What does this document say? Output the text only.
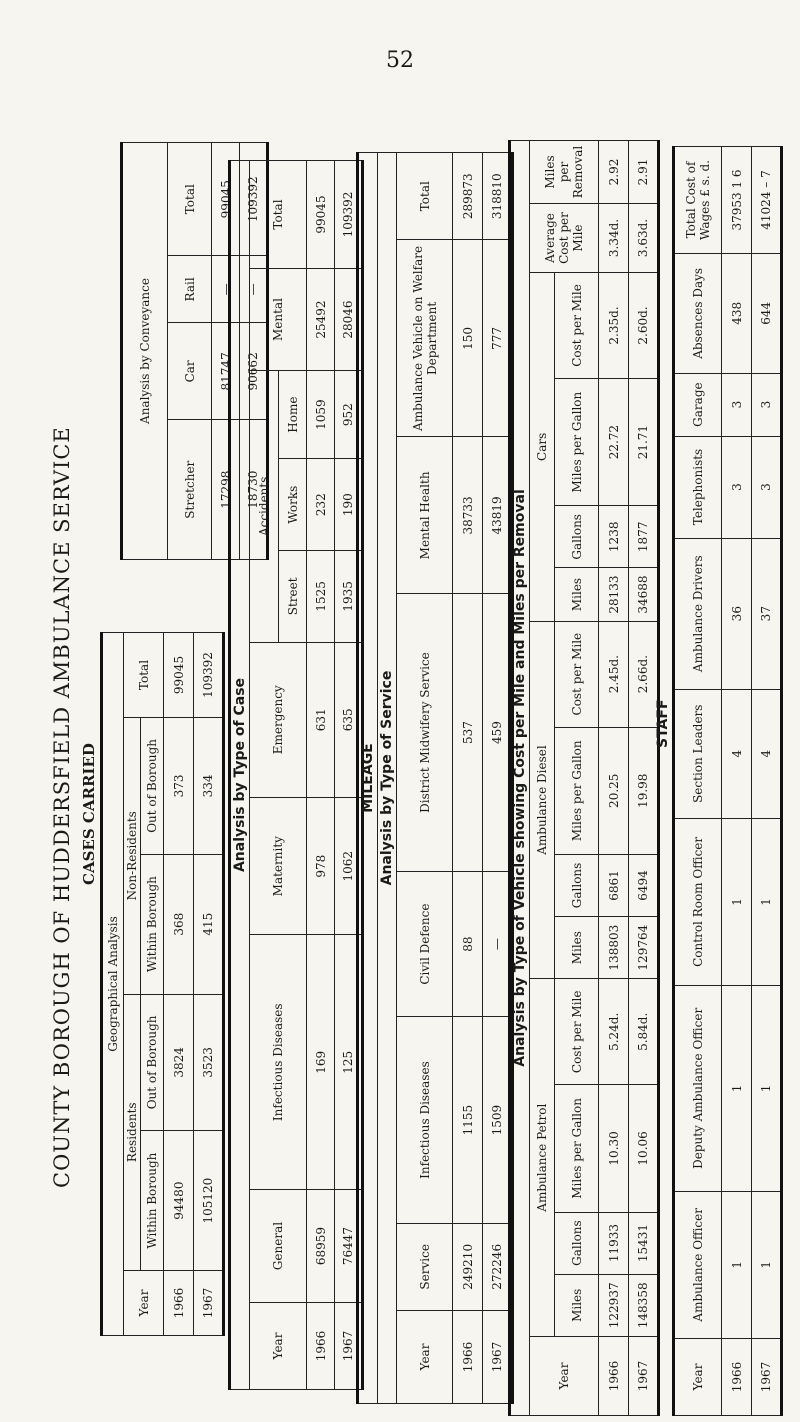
52
COUNTY BOROUGH OF HUDDERSFIELD AMBULANCE SERVICE CASES CARRIED
Geographical Analysis					
Year	Residents		Non-Residents		Total
	Within Borough	Out of Borough	Within Borough	Out of Borough	
1966	94480	3824	368	373	99045
1967	105120	3523	415	334	109392
Analysis by Conveyance			
Stretcher	Car	Rail	Total
17298	81747	—	99045
18730	90662	—	109392
Analysis by Type of Case									
Year	General	Infectious Diseases	Maternity	Emergency	Accidents			Mental	Total
					Street	Works	Home		
1966	68959	169	978	631	1525	232	1059	25492	99045
1967	76447	125	1062	635	1935	190	952	28046	109392
MILEAGE							
Analysis by Type of Service							
Year	Service	Infectious Diseases	Civil Defence	District Midwifery Service	Mental Health	Ambulance Vehicle on Welfare Department	Total
1966	249210	1155	88	537	38733	150	289873
1967	272246	1509	—	459	43819	777	318810
Analysis by Type of Vehicle showing Cost per Mile and Miles per Removal														
Year	Ambulance Petrol				Ambulance Diesel				Cars				Average Cost per Mile	Miles per Removal
	Miles	Gallons	Miles per Gallon	Cost per Mile	Miles	Gallons	Miles per Gallon	Cost per Mile	Miles	Gallons	Miles per Gallon	Cost per Mile		
1966	122937	11933	10.30	5.24d.	138803	6861	20.25	2.45d.	28133	1238	22.72	2.35d.	3.34d.	2.92
1967	148358	15431	10.06	5.84d.	129764	6494	19.98	2.66d.	34688	1877	21.71	2.60d.	3.63d.	2.91
STAFF
Year	Ambulance Officer	Deputy Ambulance Officer	Control Room Officer	Section Leaders	Ambulance Drivers	Telephonists	Garage	Absences Days	Total Cost of Wages £ s. d.
1966	1	1	1	4	36	3	3	438	37953 1 6
1967	1	1	1	4	37	3	3	644	41024 – 7
